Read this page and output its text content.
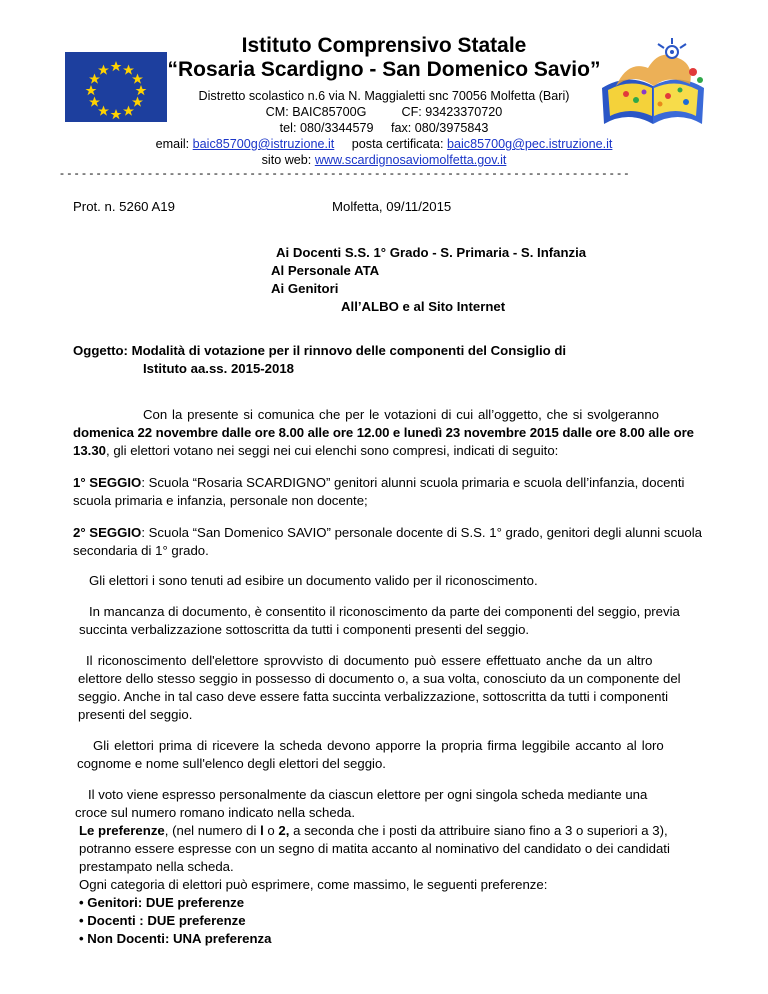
Istituto Comprensivo Statale
“Rosaria Scardigno - San Domenico Savio”
Distretto scolastico n.6 via N. Maggialetti snc 70056 Molfetta (Bari)
CM: BAIC85700G	CF: 93423370720
tel: 080/3344579 fax: 080/3975843
email: baic85700g@istruzione.it posta certificata: baic85700g@pec.istruzione.it
sito web: www.scardignosaviomolfetta.gov.it
- - - - - - - - - - - - - - - - - - - - - - - - - - - - - - - - - - - - - - - - - - - - - - - - - - - - - - - - - - - - - - - - - - - - - - - - - - - - - -
Prot. n. 5260 A19	Molfetta, 09/11/2015
Ai Docenti S.S. 1° Grado - S. Primaria - S. Infanzia
Al Personale ATA
Ai Genitori
All’ALBO e al Sito Internet
Oggetto: Modalità di votazione per il rinnovo delle componenti del Consiglio di
Istituto aa.ss. 2015-2018
Con la presente si comunica che per le votazioni di cui all’oggetto, che si svolgeranno
domenica 22 novembre dalle ore 8.00 alle ore 12.00 e lunedì 23 novembre 2015 dalle ore 8.00 alle ore
13.30, gli elettori votano nei seggi nei cui elenchi sono compresi, indicati di seguito:
1° SEGGIO: Scuola “Rosaria SCARDIGNO” genitori alunni scuola primaria e scuola dell’infanzia, docenti
scuola primaria e infanzia, personale non docente;
2° SEGGIO: Scuola “San Domenico SAVIO” personale docente di S.S. 1° grado, genitori degli alunni scuola
secondaria di 1° grado.
Gli elettori i sono tenuti ad esibire un documento valido per il riconoscimento.
In mancanza di documento, è consentito il riconoscimento da parte dei componenti del seggio, previa
succinta verbalizzazione sottoscritta da tutti i componenti presenti del seggio.
Il riconoscimento dell'elettore sprovvisto di documento può essere effettuato anche da un altro
elettore dello stesso seggio in possesso di documento o, a sua volta, conosciuto da un componente del
seggio. Anche in tal caso deve essere fatta succinta verbalizzazione, sottoscritta da tutti i componenti
presenti del seggio.
Gli elettori prima di ricevere la scheda devono apporre la propria firma leggibile accanto al loro
cognome e nome sull'elenco degli elettori del seggio.
Il voto viene espresso personalmente da ciascun elettore per ogni singola scheda mediante una
croce sul numero romano indicato nella scheda.
Le preferenze, (nel numero di l o 2, a seconda che i posti da attribuire siano fino a 3 o superiori a 3),
potranno essere espresse con un segno di matita accanto al nominativo del candidato o dei candidati
prestampato nella scheda.
Ogni categoria di elettori può esprimere, come massimo, le seguenti preferenze:
• Genitori: DUE preferenze
• Docenti : DUE preferenze
• Non Docenti: UNA preferenza
